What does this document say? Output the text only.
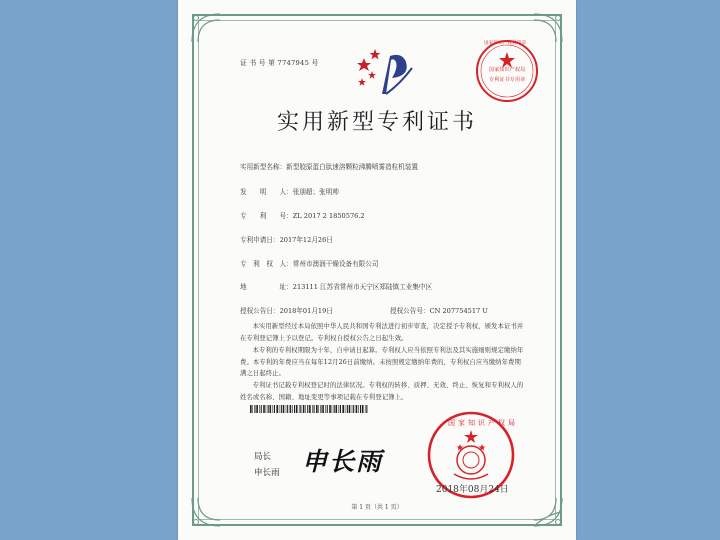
证 书 号 第 7747945 号
国家知识产权局印章
国家知识产权局
专利证书专用章
实用新型专利证书
实用新型名称：新型胶原蛋白肽速溶颗粒沸腾喷雾造粒机装置
发　　明　　人：张朋超；张明帅
专　　利　　号：ZL 2017 2 1850576.2
专利申请日：2017年12月26日
专　利　权　人：常州市澳润干燥设备有限公司
地　　　　　址：213111 江苏省常州市天宁区郑陆镇工业集中区
授权公告日：2018年01月19日	授权公告号：CN 207754517 U
本实用新型经过本局依照中华人民共和国专利法进行初步审查，决定授予专利权，颁发本证书并在专利登记簿上予以登记。专利权自授权公告之日起生效。
本专利的专利权期限为十年，自申请日起算。专利权人应当依照专利法及其实施细则规定缴纳年费。本专利的年费应当在每年12月26日前缴纳。未按照规定缴纳年费的，专利权自应当缴纳年费期满之日起终止。
专利证书记载专利权登记时的法律状况。专利权的转移、质押、无效、终止、恢复和专利权人的姓名或名称、国籍、地址变更等事项记载在专利登记簿上。
局长
申长雨 申长雨
国家知识产权局
2018年08月24日
第 1 页（共 1 页）
